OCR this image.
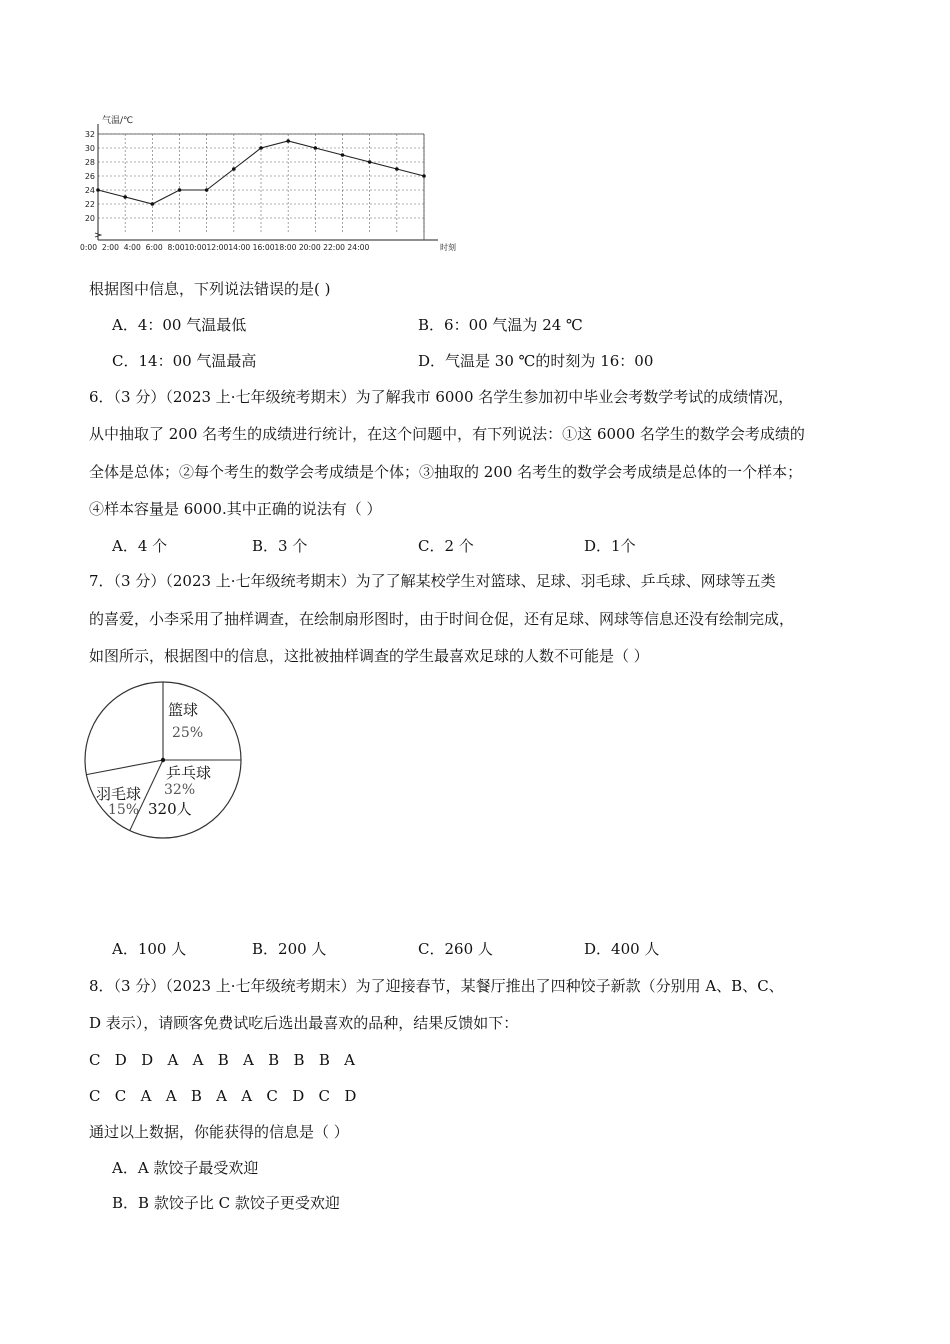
20
22
24
26
28
30
32
气温/℃
0:00  2:00  4:00  6:00  8:0010:0012:0014:00 16:0018:00 20:00 22:00 24:00	时刻
根据图中信息，下列说法错误的是( )
A．4：00 气温最低	B．6：00 气温为 24 ℃
C．14：00 气温最高	D．气温是 30 ℃的时刻为 16：00
6．（3 分）（2023 上·七年级统考期末）为了解我市 6000 名学生参加初中毕业会考数学考试的成绩情况，
从中抽取了 200 名考生的成绩进行统计，在这个问题中，有下列说法：①这 6000 名学生的数学会考成绩的
全体是总体；②每个考生的数学会考成绩是个体；③抽取的 200 名考生的数学会考成绩是总体的一个样本；
④样本容量是 6000.其中正确的说法有（ ）
A．4 个	B．3 个	C．2 个	D．1个
7．（3 分）（2023 上·七年级统考期末）为了了解某校学生对篮球、足球、羽毛球、乒乓球、网球等五类
的喜爱，小李采用了抽样调查，在绘制扇形图时，由于时间仓促，还有足球、网球等信息还没有绘制完成，
如图所示，根据图中的信息，这批被抽样调查的学生最喜欢足球的人数不可能是（ ）
篮球
25%
乒乓球
32%
320人
羽毛球
15%
A．100 人	B．200 人	C．260 人	D．400 人
8．（3 分）（2023 上·七年级统考期末）为了迎接春节，某餐厅推出了四种饺子新款（分别用 A、B、C、
D 表示），请顾客免费试吃后选出最喜欢的品种，结果反馈如下：
C   D   D   A   A   B   A   B   B   B   A
C   C   A   A   B   A   A   C   D   C   D
通过以上数据，你能获得的信息是（ ）
A．A 款饺子最受欢迎
B．B 款饺子比 C 款饺子更受欢迎
